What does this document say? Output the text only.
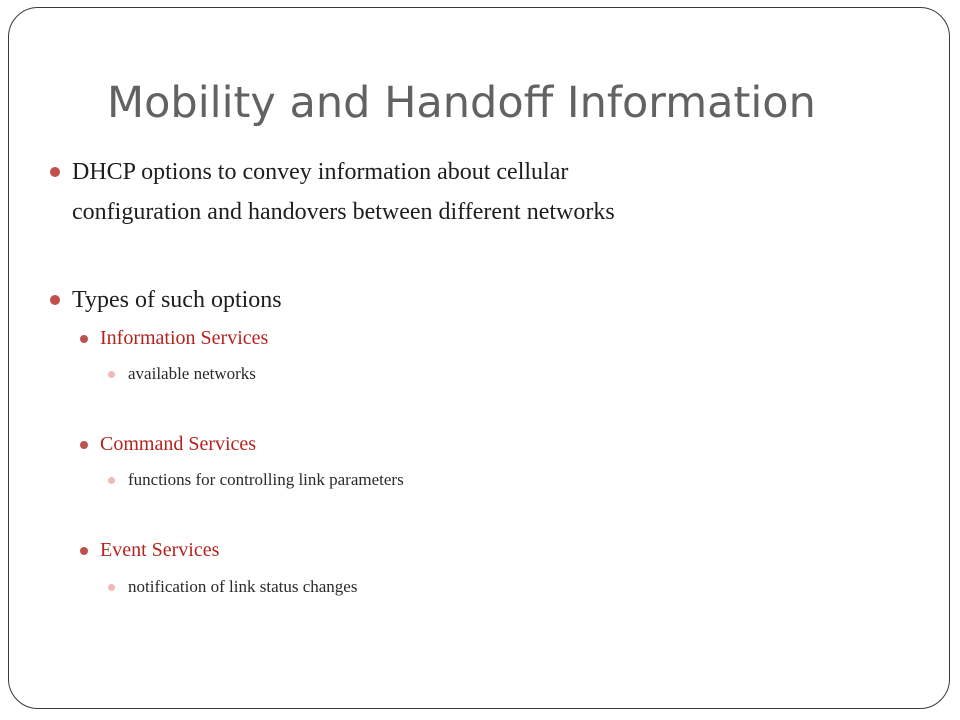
Mobility and Handoff Information
DHCP options to convey information about cellular
configuration and handovers between different networks
Types of such options
Information Services
available networks
Command Services
functions for controlling link parameters
Event Services
notification of link status changes
